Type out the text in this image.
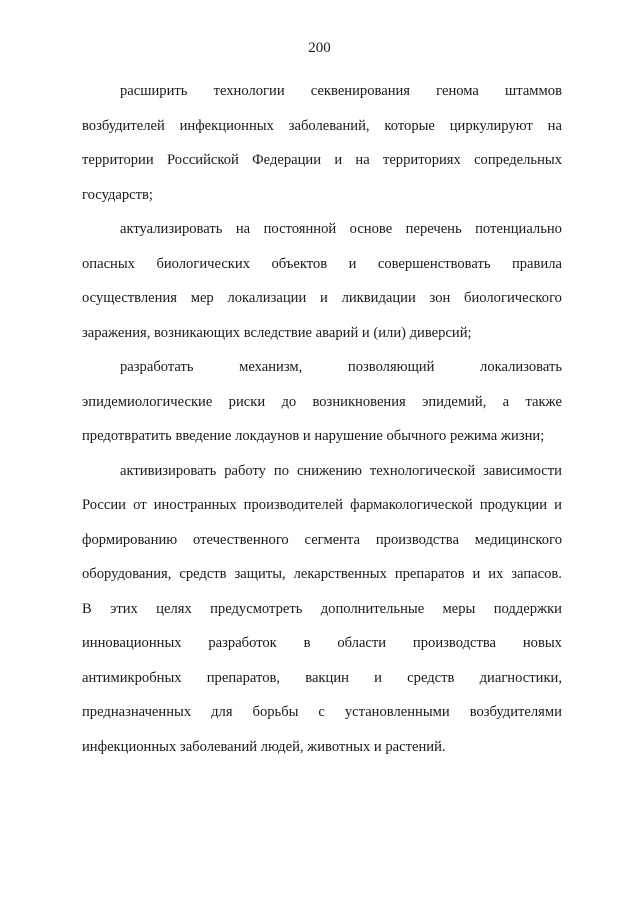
200
расширить технологии секвенирования генома штаммов
возбудителей инфекционных заболеваний, которые циркулируют на
территории Российской Федерации и на территориях сопредельных
государств;
актуализировать на постоянной основе перечень потенциально
опасных биологических объектов и совершенствовать правила
осуществления мер локализации и ликвидации зон биологического
заражения, возникающих вследствие аварий и (или) диверсий;
разработать	механизм,	позволяющий	локализовать
эпидемиологические риски до возникновения эпидемий, а также
предотвратить введение локдаунов и нарушение обычного режима жизни;
активизировать работу по снижению технологической зависимости
России от иностранных производителей фармакологической продукции и
формированию отечественного сегмента производства медицинского
оборудования, средств защиты, лекарственных препаратов и их запасов.
В этих целях предусмотреть дополнительные меры поддержки
инновационных разработок в области производства новых
антимикробных препаратов, вакцин и средств диагностики,
предназначенных для борьбы с установленными возбудителями
инфекционных заболеваний людей, животных и растений.
